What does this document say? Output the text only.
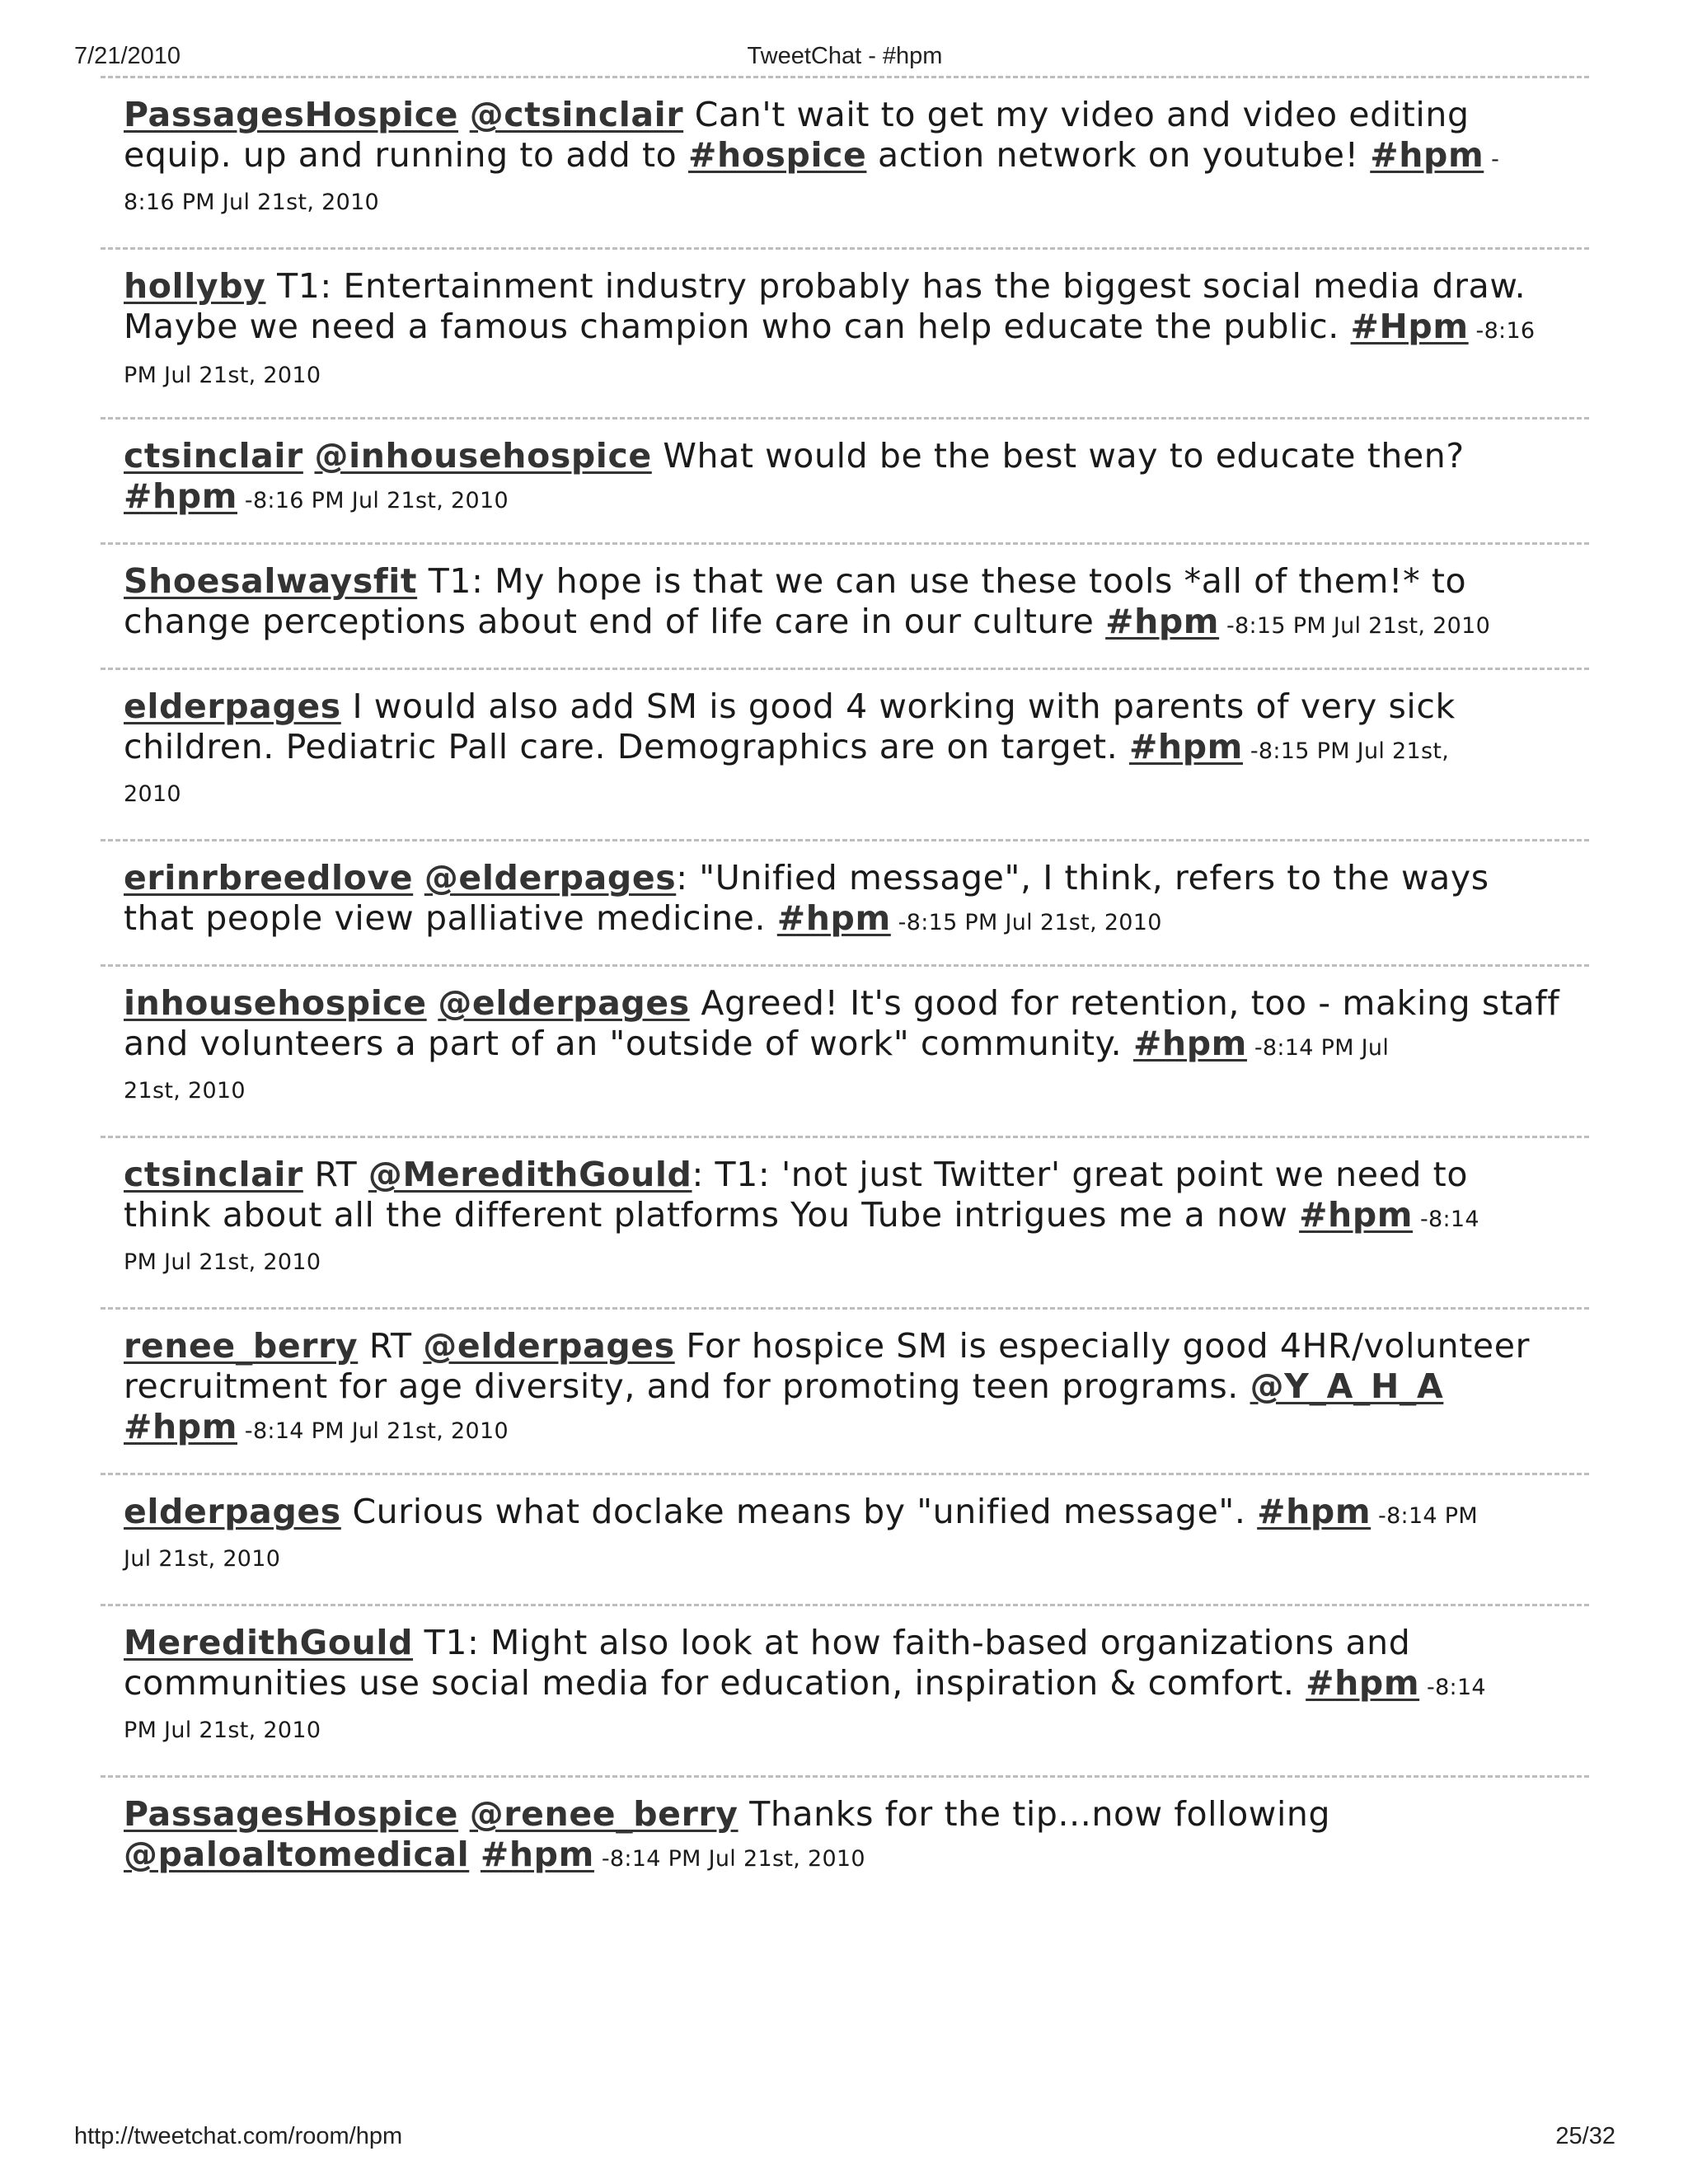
7/21/2010	TweetChat - #hpm
PassagesHospice @ctsinclair Can't wait to get my video and video editing equip. up and running to add to #hospice action network on youtube! #hpm -
8:16 PM Jul 21st, 2010
hollyby T1: Entertainment industry probably has the biggest social media draw. Maybe we need a famous champion who can help educate the public. #Hpm -8:16 PM Jul 21st, 2010
ctsinclair @inhousehospice What would be the best way to educate then? #hpm -8:16 PM Jul 21st, 2010
Shoesalwaysfit T1: My hope is that we can use these tools *all of them!* to change perceptions about end of life care in our culture #hpm -8:15 PM Jul 21st, 2010
elderpages I would also add SM is good 4 working with parents of very sick children. Pediatric Pall care. Demographics are on target. #hpm -8:15 PM Jul 21st,
2010
erinrbreedlove @elderpages: "Unified message", I think, refers to the ways that people view palliative medicine. #hpm -8:15 PM Jul 21st, 2010
inhousehospice @elderpages Agreed! It's good for retention, too - making staff and volunteers a part of an "outside of work" community. #hpm -8:14 PM Jul
21st, 2010
ctsinclair RT @MeredithGould: T1: 'not just Twitter' great point we need to think about all the different platforms You Tube intrigues me a now #hpm -8:14
PM Jul 21st, 2010
renee_berry RT @elderpages For hospice SM is especially good 4HR/volunteer recruitment for age diversity, and for promoting teen programs. @Y_A_H_A #hpm -8:14 PM Jul 21st, 2010
elderpages Curious what doclake means by "unified message". #hpm -8:14 PM
Jul 21st, 2010
MeredithGould T1: Might also look at how faith-based organizations and communities use social media for education, inspiration & comfort. #hpm -8:14
PM Jul 21st, 2010
PassagesHospice @renee_berry Thanks for the tip...now following @paloaltomedical #hpm -8:14 PM Jul 21st, 2010
http://tweetchat.com/room/hpm	25/32
